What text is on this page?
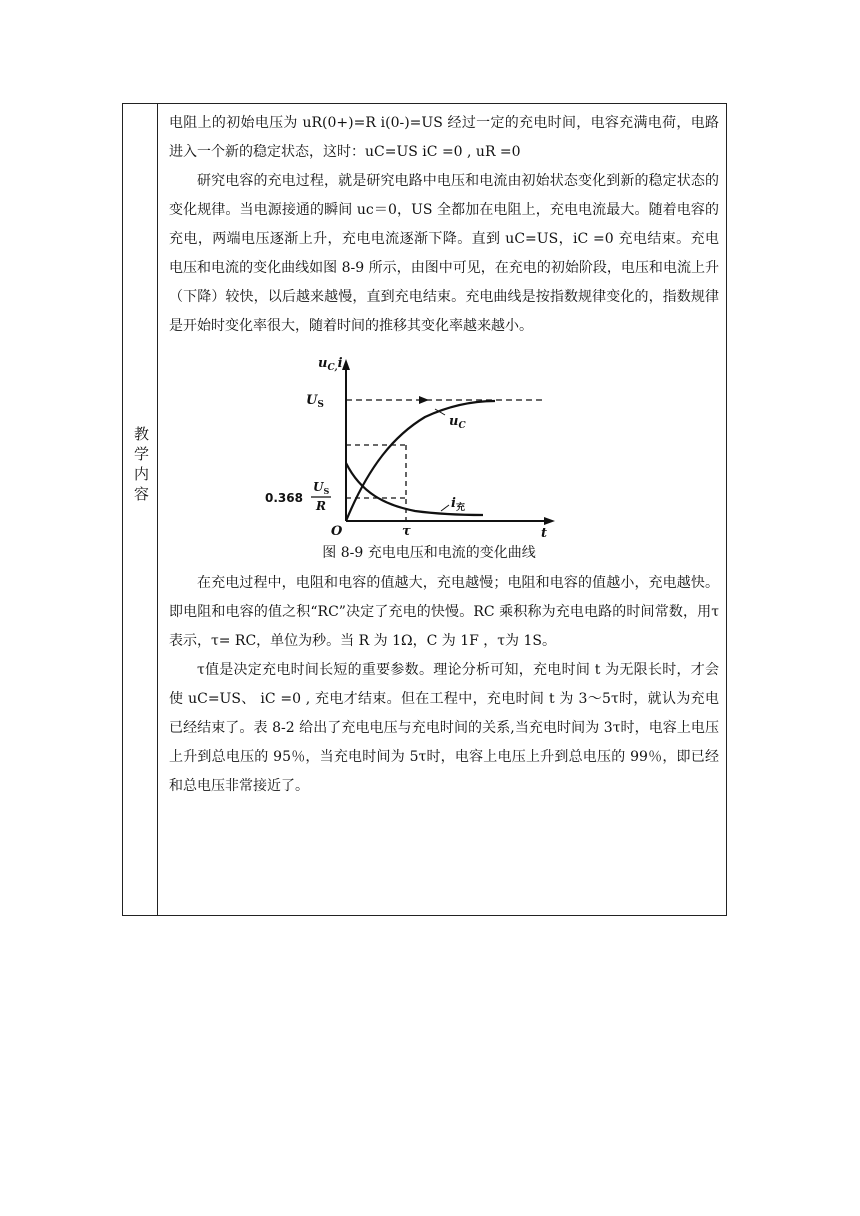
教学内容

电阻上的初始电压为 uR(0+)=R i(0-)=US 经过一定的充电时间，电容充满电荷，电路进入一个新的稳定状态，这时：uC=US iC =0 , uR =0

研究电容的充电过程，就是研究电路中电压和电流由初始状态变化到新的稳定状态的变化规律。当电源接通的瞬间 uc＝0，US 全都加在电阻上，充电电流最大。随着电容的充电，两端电压逐渐上升，充电电流逐渐下降。直到 uC=US，iC =0 充电结束。充电电压和电流的变化曲线如图 8-9 所示，由图中可见，在充电的初始阶段，电压和电流上升（下降）较快，以后越来越慢，直到充电结束。充电曲线是按指数规律变化的，指数规律是开始时变化率很大，随着时间的推移其变化率越来越小。

$u_{C,}i$
$U_S$
$u_C$
$i_充$
0.368
$U_S$
R
O	τ	t
图 8-9 充电电压和电流的变化曲线

在充电过程中，电阻和电容的值越大，充电越慢；电阻和电容的值越小，充电越快。即电阻和电容的值之积“RC”决定了充电的快慢。RC 乘积称为充电电路的时间常数，用τ表示，τ= RC，单位为秒。当 R 为 1Ω，C 为 1F ，τ为 1S。

τ值是决定充电时间长短的重要参数。理论分析可知，充电时间 t 为无限长时，才会使 uC=US、 iC =0 , 充电才结束。但在工程中，充电时间 t 为 3～5τ时，就认为充电已经结束了。表 8-2 给出了充电电压与充电时间的关系,当充电时间为 3τ时，电容上电压上升到总电压的 95％，当充电时间为 5τ时，电容上电压上升到总电压的 99％，即已经和总电压非常接近了。
